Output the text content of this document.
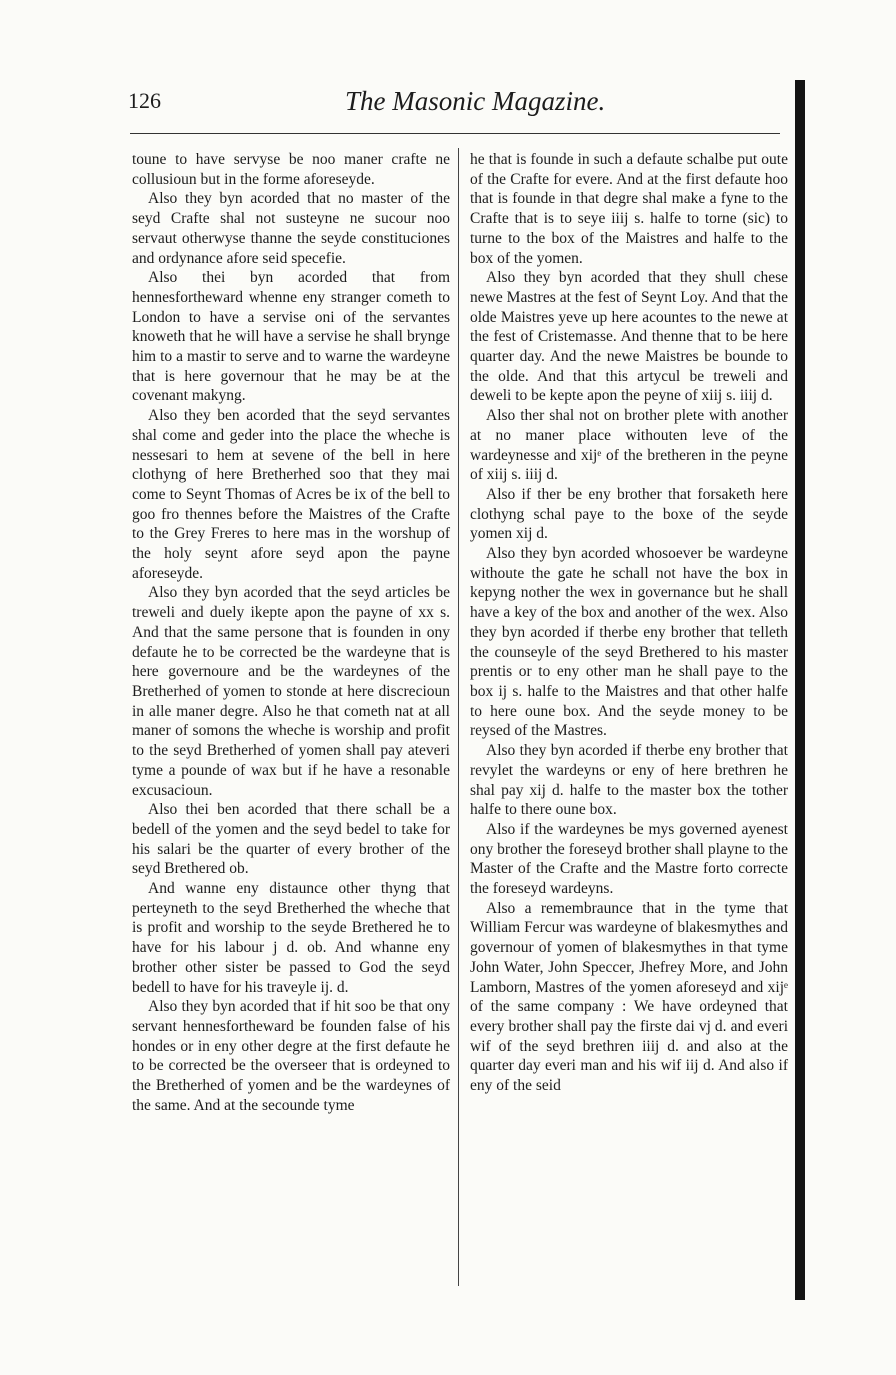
126	The Masonic Magazine.

toune to have servyse be noo maner crafte ne collusioun but in the forme aforeseyde.

Also they byn acorded that no master of the seyd Crafte shal not susteyne ne sucour noo servaut otherwyse thanne the seyde constituciones and ordynance afore seid specefie.

Also thei byn acorded that from hennesfortheward whenne eny stranger cometh to London to have a servise oni of the servantes knoweth that he will have a servise he shall brynge him to a mastir to serve and to warne the wardeyne that is here governour that he may be at the covenant makyng.

Also they ben acorded that the seyd servantes shal come and geder into the place the wheche is nessesari to hem at sevene of the bell in here clothyng of here Bretherhed soo that they mai come to Seynt Thomas of Acres be ix of the bell to goo fro thennes before the Maistres of the Crafte to the Grey Freres to here mas in the worshup of the holy seynt afore seyd apon the payne aforeseyde.

Also they byn acorded that the seyd articles be treweli and duely ikepte apon the payne of xx s. And that the same persone that is founden in ony defaute he to be corrected be the wardeyne that is here governoure and be the wardeynes of the Bretherhed of yomen to stonde at here discrecioun in alle maner degre. Also he that cometh nat at all maner of somons the wheche is worship and profit to the seyd Bretherhed of yomen shall pay ateveri tyme a pounde of wax but if he have a resonable excusacioun.

Also thei ben acorded that there schall be a bedell of the yomen and the seyd bedel to take for his salari be the quarter of every brother of the seyd Brethered ob.

And wanne eny distaunce other thyng that perteyneth to the seyd Bretherhed the wheche that is profit and worship to the seyde Brethered he to have for his labour j d. ob. And whanne eny brother other sister be passed to God the seyd bedell to have for his traveyle ij. d.

Also they byn acorded that if hit soo be that ony servant hennesfortheward be founden false of his hondes or in eny other degre at the first defaute he to be corrected be the overseer that is ordeyned to the Bretherhed of yomen and be the wardeynes of the same. And at the secounde tyme

he that is founde in such a defaute schalbe put oute of the Crafte for evere. And at the first defaute hoo that is founde in that degre shal make a fyne to the Crafte that is to seye iiij s. halfe to torne (sic) to turne to the box of the Maistres and halfe to the box of the yomen.

Also they byn acorded that they shull chese newe Mastres at the fest of Seynt Loy. And that the olde Maistres yeve up here acountes to the newe at the fest of Cristemasse. And thenne that to be here quarter day. And the newe Maistres be bounde to the olde. And that this artycul be treweli and deweli to be kepte apon the peyne of xiij s. iiij d.

Also ther shal not on brother plete with another at no maner place withouten leve of the wardeynesse and xijᵉ of the bretheren in the peyne of xiij s. iiij d.

Also if ther be eny brother that forsaketh here clothyng schal paye to the boxe of the seyde yomen xij d.

Also they byn acorded whosoever be wardeyne withoute the gate he schall not have the box in kepyng nother the wex in governance but he shall have a key of the box and another of the wex. Also they byn acorded if therbe eny brother that telleth the counseyle of the seyd Brethered to his master prentis or to eny other man he shall paye to the box ij s. halfe to the Maistres and that other halfe to here oune box. And the seyde money to be reysed of the Mastres.

Also they byn acorded if therbe eny brother that revylet the wardeyns or eny of here brethren he shal pay xij d. halfe to the master box the tother halfe to there oune box.

Also if the wardeynes be mys governed ayenest ony brother the foreseyd brother shall playne to the Master of the Crafte and the Mastre forto correcte the foreseyd wardeyns.

Also a remembraunce that in the tyme that William Fercur was wardeyne of blakesmythes and governour of yomen of blakesmythes in that tyme John Water, John Speccer, Jhefrey More, and John Lamborn, Mastres of the yomen aforeseyd and xijᵉ of the same company : We have ordeyned that every brother shall pay the firste dai vj d. and everi wif of the seyd brethren iiij d. and also at the quarter day everi man and his wif iij d. And also if eny of the seid
